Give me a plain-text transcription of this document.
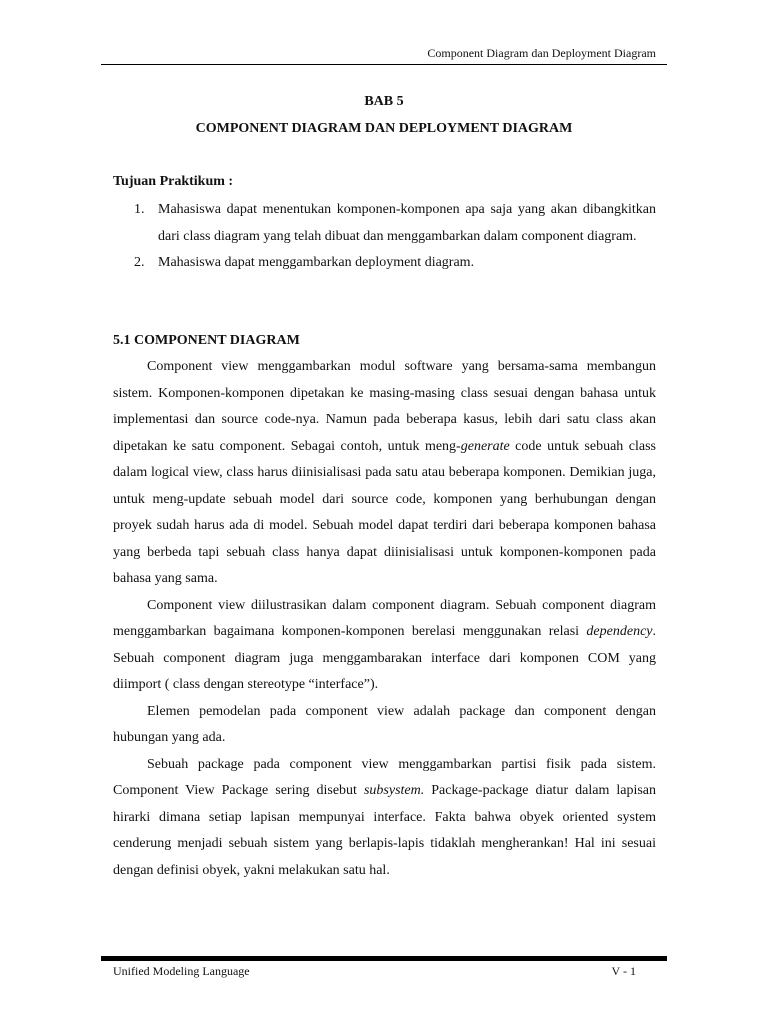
Component Diagram dan Deployment Diagram
BAB 5
COMPONENT DIAGRAM DAN DEPLOYMENT DIAGRAM
Tujuan Praktikum :
1. Mahasiswa dapat menentukan komponen-komponen apa saja yang akan dibangkitkan dari class diagram yang telah dibuat dan menggambarkan dalam component diagram.
2. Mahasiswa dapat menggambarkan deployment diagram.
5.1 COMPONENT DIAGRAM

Component view menggambarkan modul software yang bersama-sama membangun sistem. Komponen-komponen dipetakan ke masing-masing class sesuai dengan bahasa untuk implementasi dan source code-nya. Namun pada beberapa kasus, lebih dari satu class akan dipetakan ke satu component. Sebagai contoh, untuk meng-generate code untuk sebuah class dalam logical view, class harus diinisialisasi pada satu atau beberapa komponen. Demikian juga, untuk meng-update sebuah model dari source code, komponen yang berhubungan dengan proyek sudah harus ada di model. Sebuah model dapat terdiri dari beberapa komponen bahasa yang berbeda tapi sebuah class hanya dapat diinisialisasi untuk komponen-komponen pada bahasa yang sama.

Component view diilustrasikan dalam component diagram. Sebuah component diagram menggambarkan bagaimana komponen-komponen berelasi menggunakan relasi dependency. Sebuah component diagram juga menggambarakan interface dari komponen COM yang diimport ( class dengan stereotype “interface”).

Elemen pemodelan pada component view adalah package dan component dengan hubungan yang ada.

Sebuah package pada component view menggambarkan partisi fisik pada sistem. Component View Package sering disebut subsystem. Package-package diatur dalam lapisan hirarki dimana setiap lapisan mempunyai interface. Fakta bahwa obyek oriented system cenderung menjadi sebuah sistem yang berlapis-lapis tidaklah mengherankan! Hal ini sesuai dengan definisi obyek, yakni melakukan satu hal.

Unified Modeling Language	V - 1
